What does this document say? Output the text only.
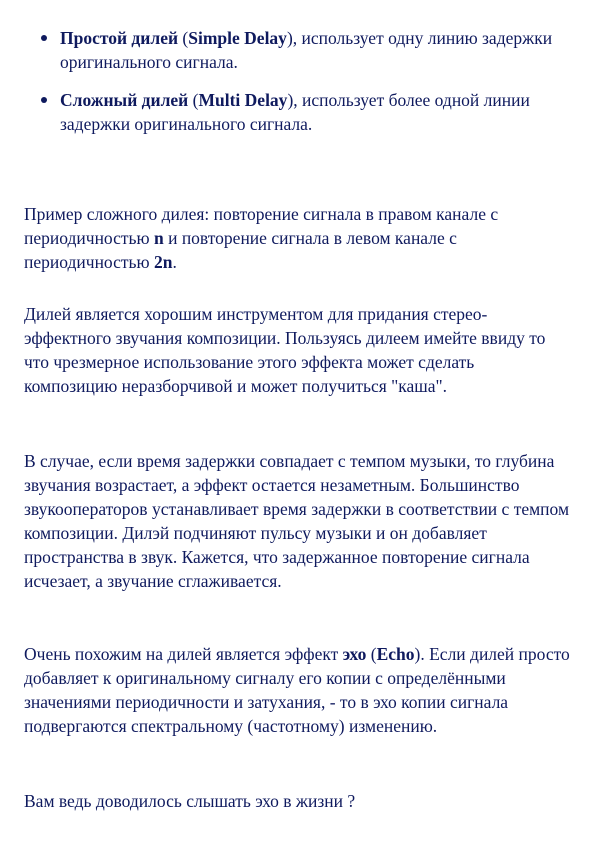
Простой дилей (Simple Delay), использует одну линию задержки оригинального сигнала.
Сложный дилей (Multi Delay), использует более одной линии задержки оригинального сигнала.

Пример сложного дилея: повторение сигнала в правом канале с периодичностью n и повторение сигнала в левом канале с периодичностью 2n.

Дилей является хорошим инструментом для придания стерео-эффектного звучания композиции. Пользуясь дилеем имейте ввиду то что чрезмерное использование этого эффекта может сделать композицию неразборчивой и может получиться "каша".

В случае, если время задержки совпадает с темпом музыки, то глубина звучания возрастает, а эффект остается незаметным. Большинство звукооператоров устанавливает время задержки в соответствии с темпом композиции. Дилэй подчиняют пульсу музыки и он добавляет пространства в звук. Кажется, что задержанное повторение сигнала исчезает, а звучание сглаживается.

Очень похожим на дилей является эффект эхо (Echo). Если дилей просто добавляет к оригинальному сигналу его копии с определёнными значениями периодичности и затухания, - то в эхо копии сигнала подвергаются спектральному (частотному) изменению.

Вам ведь доводилось слышать эхо в жизни ?
